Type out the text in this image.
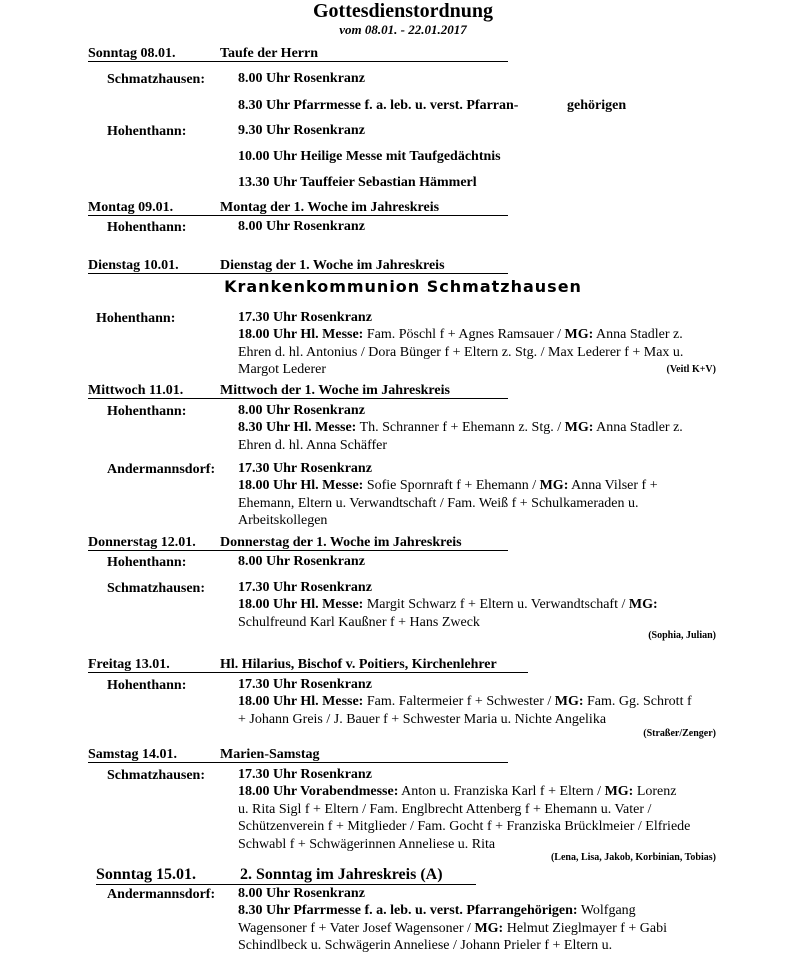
Gottesdienstordnung
vom 08.01. - 22.01.2017
Sonntag 08.01.	Taufe der Herrn
Schmatzhausen: 8.00 Uhr Rosenkranz
8.30 Uhr Pfarrmesse f. a. leb. u. verst. Pfarran-	gehörigen
Hohenthann:	9.30 Uhr Rosenkranz
10.00 Uhr Heilige Messe mit Taufgedächtnis
13.30 Uhr Tauffeier Sebastian Hämmerl
Montag 09.01.	Montag der 1. Woche im Jahreskreis
Hohenthann:	8.00 Uhr Rosenkranz
Dienstag 10.01.	Dienstag der 1. Woche im Jahreskreis
Krankenkommunion Schmatzhausen
Hohenthann:	17.30 Uhr Rosenkranz
18.00 Uhr Hl. Messe: Fam. Pöschl f + Agnes Ramsauer / MG: Anna Stadler z.
Ehren d. hl. Antonius / Dora Bünger f + Eltern z. Stg. / Max Lederer f + Max u.
Margot Lederer	(Veitl K+V)
Mittwoch 11.01.	Mittwoch der 1. Woche im Jahreskreis
Hohenthann:	8.00 Uhr Rosenkranz
8.30 Uhr Hl. Messe: Th. Schranner f + Ehemann z. Stg. / MG: Anna Stadler z.
Ehren d. hl. Anna Schäffer
Andermannsdorf: 17.30 Uhr Rosenkranz
18.00 Uhr Hl. Messe: Sofie Spornraft f + Ehemann / MG: Anna Vilser f +
Ehemann, Eltern u. Verwandtschaft / Fam. Weiß f + Schulkameraden u.
Arbeitskollegen
Donnerstag 12.01. Donnerstag der 1. Woche im Jahreskreis
Hohenthann:	8.00 Uhr Rosenkranz
Schmatzhausen: 17.30 Uhr Rosenkranz
18.00 Uhr Hl. Messe: Margit Schwarz f + Eltern u. Verwandtschaft / MG:
Schulfreund Karl Kaußner f + Hans Zweck
(Sophia, Julian)
Freitag 13.01.	Hl. Hilarius, Bischof v. Poitiers, Kirchenlehrer
Hohenthann:	17.30 Uhr Rosenkranz
18.00 Uhr Hl. Messe: Fam. Faltermeier f + Schwester / MG: Fam. Gg. Schrott f
+ Johann Greis / J. Bauer f + Schwester Maria u. Nichte Angelika
(Straßer/Zenger)
Samstag 14.01.	Marien-Samstag
Schmatzhausen: 17.30 Uhr Rosenkranz
18.00 Uhr Vorabendmesse: Anton u. Franziska Karl f + Eltern / MG: Lorenz
u. Rita Sigl f + Eltern / Fam. Englbrecht Attenberg f + Ehemann u. Vater /
Schützenverein f + Mitglieder / Fam. Gocht f + Franziska Brücklmeier / Elfriede
Schwabl f + Schwägerinnen Anneliese u. Rita
(Lena, Lisa, Jakob, Korbinian, Tobias)
Sonntag 15.01.	2. Sonntag im Jahreskreis (A)
Andermannsdorf: 8.00 Uhr Rosenkranz
8.30 Uhr Pfarrmesse f. a. leb. u. verst. Pfarrangehörigen: Wolfgang
Wagensoner f + Vater Josef Wagensoner / MG: Helmut Zieglmayer f + Gabi
Schindlbeck u. Schwägerin Anneliese / Johann Prieler f + Eltern u.
